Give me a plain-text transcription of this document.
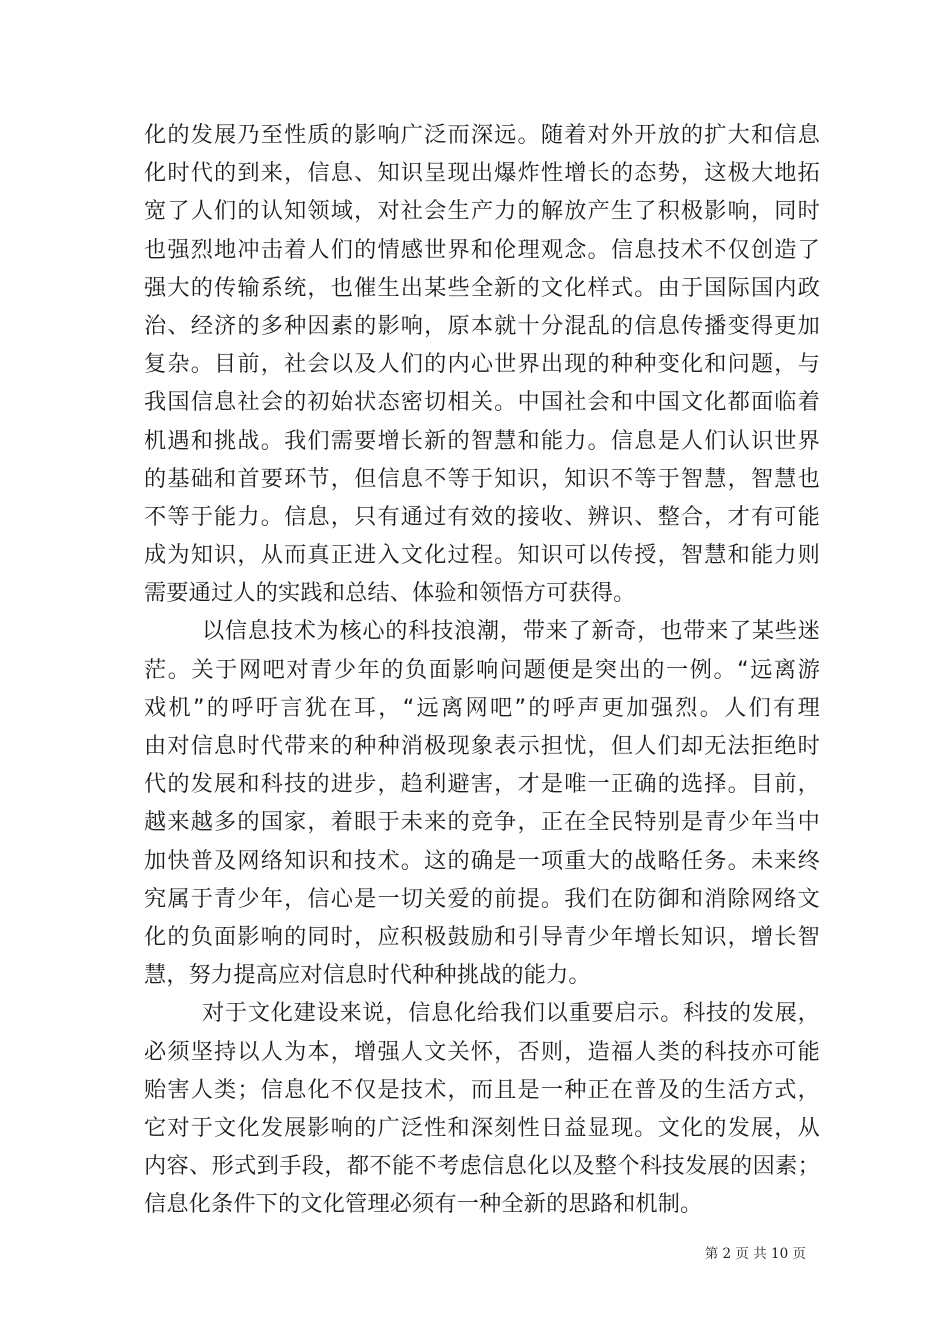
化的发展乃至性质的影响广泛而深远。随着对外开放的扩大和信息
化时代的到来，信息、知识呈现出爆炸性增长的态势，这极大地拓
宽了人们的认知领域，对社会生产力的解放产生了积极影响，同时
也强烈地冲击着人们的情感世界和伦理观念。信息技术不仅创造了
强大的传输系统，也催生出某些全新的文化样式。由于国际国内政
治、经济的多种因素的影响，原本就十分混乱的信息传播变得更加
复杂。目前，社会以及人们的内心世界出现的种种变化和问题，与
我国信息社会的初始状态密切相关。中国社会和中国文化都面临着
机遇和挑战。我们需要增长新的智慧和能力。信息是人们认识世界
的基础和首要环节，但信息不等于知识，知识不等于智慧，智慧也
不等于能力。信息，只有通过有效的接收、辨识、整合，才有可能
成为知识，从而真正进入文化过程。知识可以传授，智慧和能力则
需要通过人的实践和总结、体验和领悟方可获得。
以信息技术为核心的科技浪潮，带来了新奇，也带来了某些迷
茫。关于网吧对青少年的负面影响问题便是突出的一例。“远离游
戏机”的呼吁言犹在耳，“远离网吧”的呼声更加强烈。人们有理
由对信息时代带来的种种消极现象表示担忧，但人们却无法拒绝时
代的发展和科技的进步，趋利避害，才是唯一正确的选择。目前，
越来越多的国家，着眼于未来的竞争，正在全民特别是青少年当中
加快普及网络知识和技术。这的确是一项重大的战略任务。未来终
究属于青少年，信心是一切关爱的前提。我们在防御和消除网络文
化的负面影响的同时，应积极鼓励和引导青少年增长知识，增长智
慧，努力提高应对信息时代种种挑战的能力。
对于文化建设来说，信息化给我们以重要启示。科技的发展，
必须坚持以人为本，增强人文关怀，否则，造福人类的科技亦可能
贻害人类；信息化不仅是技术，而且是一种正在普及的生活方式，
它对于文化发展影响的广泛性和深刻性日益显现。文化的发展，从
内容、形式到手段，都不能不考虑信息化以及整个科技发展的因素；
信息化条件下的文化管理必须有一种全新的思路和机制。
第 2 页 共 10 页
